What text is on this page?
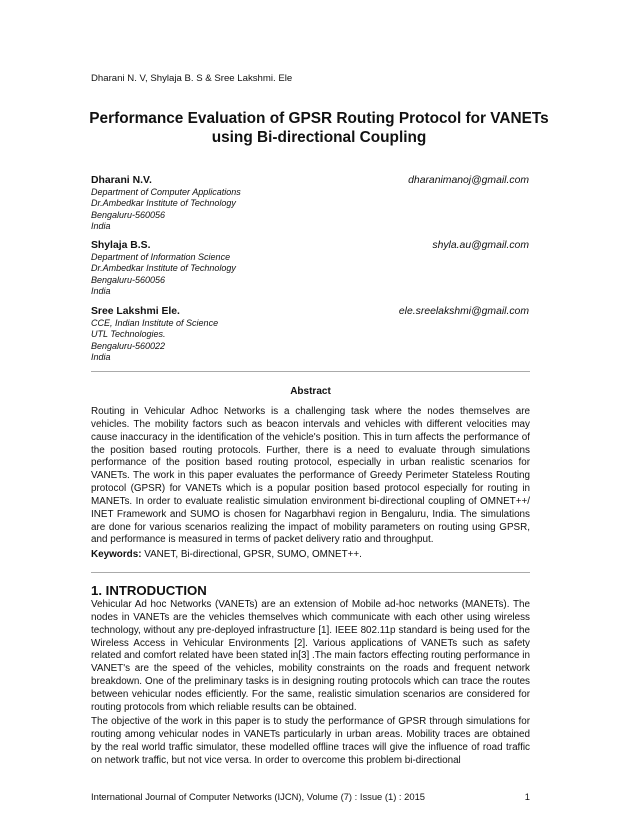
Dharani N. V, Shylaja B. S & Sree Lakshmi. Ele
Performance Evaluation of GPSR Routing Protocol for VANETs using Bi-directional Coupling
Dharani N.V.	dharanimanoj@gmail.com
Department of Computer Applications
Dr.Ambedkar Institute of Technology
Bengaluru-560056
India
Shylaja B.S.	shyla.au@gmail.com
Department of Information Science
Dr.Ambedkar Institute of Technology
Bengaluru-560056
India
Sree Lakshmi Ele.	ele.sreelakshmi@gmail.com
CCE, Indian Institute of Science
UTL Technologies.
Bengaluru-560022
India
Abstract

Routing in Vehicular Adhoc Networks is a challenging task where the nodes themselves are vehicles. The mobility factors such as beacon intervals and vehicles with different velocities may cause inaccuracy in the identification of the vehicle's position. This in turn affects the performance of the position based routing protocols. Further, there is a need to evaluate through simulations performance of the position based routing protocol, especially in urban realistic scenarios for VANETs. The work in this paper evaluates the performance of Greedy Perimeter Stateless Routing protocol (GPSR) for VANETs which is a popular position based protocol especially for routing in MANETs. In order to evaluate realistic simulation environment bi-directional coupling of OMNET++/ INET Framework and SUMO is chosen for Nagarbhavi region in Bengaluru, India. The simulations are done for various scenarios realizing the impact of mobility parameters on routing using GPSR, and performance is measured in terms of packet delivery ratio and throughput.

Keywords: VANET, Bi-directional, GPSR, SUMO, OMNET++.
1. INTRODUCTION

Vehicular Ad hoc Networks (VANETs) are an extension of Mobile ad-hoc networks (MANETs). The nodes in VANETs are the vehicles themselves which communicate with each other using wireless technology, without any pre-deployed infrastructure [1]. IEEE 802.11p standard is being used for the Wireless Access in Vehicular Environments [2]. Various applications of VANETs such as safety related and comfort related have been stated in[3] .The main factors effecting routing performance in VANET's are the speed of the vehicles, mobility constraints on the roads and frequent network breakdown. One of the preliminary tasks is in designing routing protocols which can trace the routes between vehicular nodes efficiently. For the same, realistic simulation scenarios are considered for routing protocols from which reliable results can be obtained.

The objective of the work in this paper is to study the performance of GPSR through simulations for routing among vehicular nodes in VANETs particularly in urban areas. Mobility traces are obtained by the real world traffic simulator, these modelled offline traces will give the influence of road traffic on network traffic, but not vice versa. In order to overcome this problem bi-directional

International Journal of Computer Networks (IJCN), Volume (7) : Issue (1) : 2015	1
